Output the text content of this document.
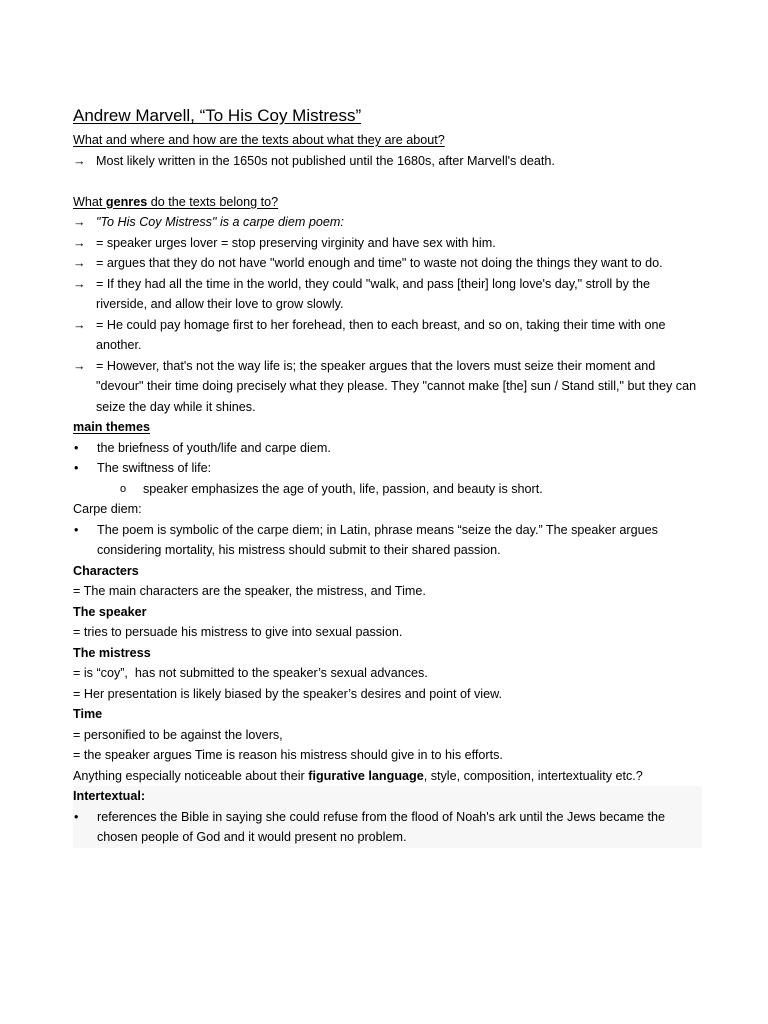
Andrew Marvell, “To His Coy Mistress”
What and where and how are the texts about what they are about?
→ Most likely written in the 1650s not published until the 1680s, after Marvell's death.
What genres do the texts belong to?
→ "To His Coy Mistress" is a carpe diem poem:
→ = speaker urges lover = stop preserving virginity and have sex with him.
→ = argues that they do not have "world enough and time" to waste not doing the things they want to do.
→ = If they had all the time in the world, they could "walk, and pass [their] long love's day," stroll by the riverside, and allow their love to grow slowly.
→ = He could pay homage first to her forehead, then to each breast, and so on, taking their time with one another.
→ = However, that's not the way life is; the speaker argues that the lovers must seize their moment and "devour" their time doing precisely what they please. They "cannot make [the] sun / Stand still," but they can seize the day while it shines.
main themes
•	the briefness of youth/life and carpe diem.
•	The swiftness of life:
o	speaker emphasizes the age of youth, life, passion, and beauty is short.
Carpe diem:
•	The poem is symbolic of the carpe diem; in Latin, phrase means “seize the day.” The speaker argues considering mortality, his mistress should submit to their shared passion.
Characters
= The main characters are the speaker, the mistress, and Time.
The speaker
= tries to persuade his mistress to give into sexual passion.
The mistress
= is “coy”,  has not submitted to the speaker’s sexual advances.
= Her presentation is likely biased by the speaker’s desires and point of view.
Time
= personified to be against the lovers,
= the speaker argues Time is reason his mistress should give in to his efforts.
Anything especially noticeable about their figurative language, style, composition, intertextuality etc.?
Intertextual:
•	references the Bible in saying she could refuse from the flood of Noah's ark until the Jews became the chosen people of God and it would present no problem.
